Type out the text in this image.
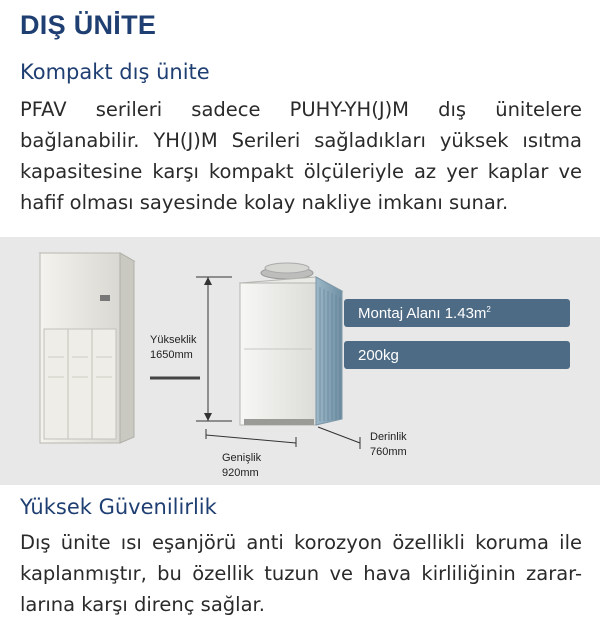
DIŞ ÜNİTE
Kompakt dış ünite
PFAV serileri sadece PUHY-YH(J)M dış ünitelere
bağlanabilir. YH(J)M Serileri sağladıkları yüksek ısıtma
kapasitesine karşı kompakt ölçüleriyle az yer kaplar ve
hafif olması sayesinde kolay nakliye imkanı sunar.
Yükseklik
1650mm
Genişlik
920mm
Derinlik
760mm
Montaj Alanı $1.43m^2$
200kg
Yüksek Güvenilirlik
Dış ünite ısı eşanjörü anti korozyon özellikli koruma ile
kaplanmıştır, bu özellik tuzun ve hava kirliliğinin zarar-
larına karşı direnç sağlar.
